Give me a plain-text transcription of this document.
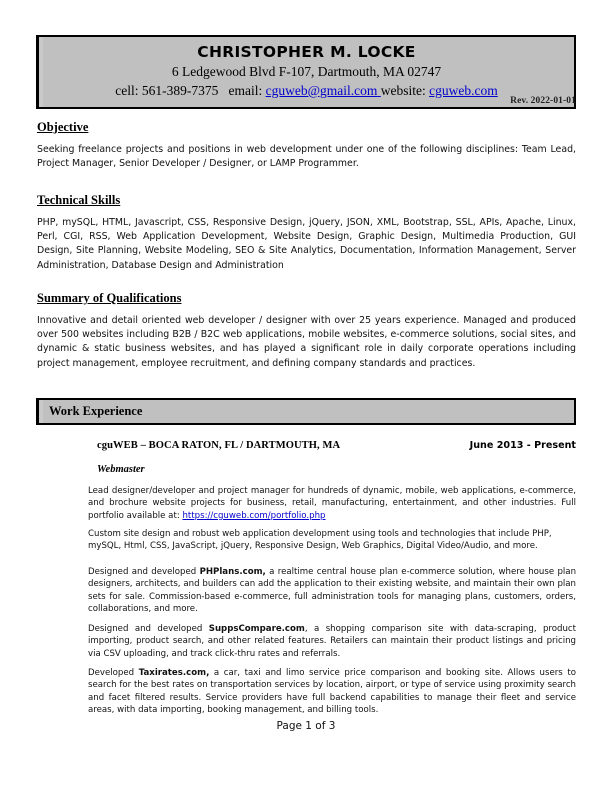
CHRISTOPHER M. LOCKE
6 Ledgewood Blvd F-107, Dartmouth, MA 02747
cell: 561-389-7375 email: cguweb@gmail.com website: cguweb.com
Rev. 2022-01-01
Objective
Seeking freelance projects and positions in web development under one of the following disciplines: Team Lead, Project Manager, Senior Developer / Designer, or LAMP Programmer.
Technical Skills
PHP, mySQL, HTML, Javascript, CSS, Responsive Design, jQuery, JSON, XML, Bootstrap, SSL, APIs, Apache, Linux, Perl, CGI, RSS, Web Application Development, Website Design, Graphic Design, Multimedia Production, GUI Design, Site Planning, Website Modeling, SEO & Site Analytics, Documentation, Information Management, Server Administration, Database Design and Administration
Summary of Qualifications
Innovative and detail oriented web developer / designer with over 25 years experience. Managed and produced over 500 websites including B2B / B2C web applications, mobile websites, e-commerce solutions, social sites, and dynamic & static business websites, and has played a significant role in daily corporate operations including project management, employee recruitment, and defining company standards and practices.
Work Experience
cguWEB – BOCA RATON, FL / DARTMOUTH, MA	June 2013 - Present
Webmaster
Lead designer/developer and project manager for hundreds of dynamic, mobile, web applications, e-commerce, and brochure website projects for business, retail, manufacturing, entertainment, and other industries. Full portfolio available at: https://cguweb.com/portfolio.php
Custom site design and robust web application development using tools and technologies that include PHP, mySQL, Html, CSS, JavaScript, jQuery, Responsive Design, Web Graphics, Digital Video/Audio, and more.
Designed and developed PHPlans.com, a realtime central house plan e-commerce solution, where house plan designers, architects, and builders can add the application to their existing website, and maintain their own plan sets for sale. Commission-based e-commerce, full administration tools for managing plans, customers, orders, collaborations, and more.
Designed and developed SuppsCompare.com, a shopping comparison site with data-scraping, product importing, product search, and other related features. Retailers can maintain their product listings and pricing via CSV uploading, and track click-thru rates and referrals.
Developed Taxirates.com, a car, taxi and limo service price comparison and booking site. Allows users to search for the best rates on transportation services by location, airport, or type of service using proximity search and facet filtered results. Service providers have full backend capabilities to manage their fleet and service areas, with data importing, booking management, and billing tools.
Page 1 of 3
